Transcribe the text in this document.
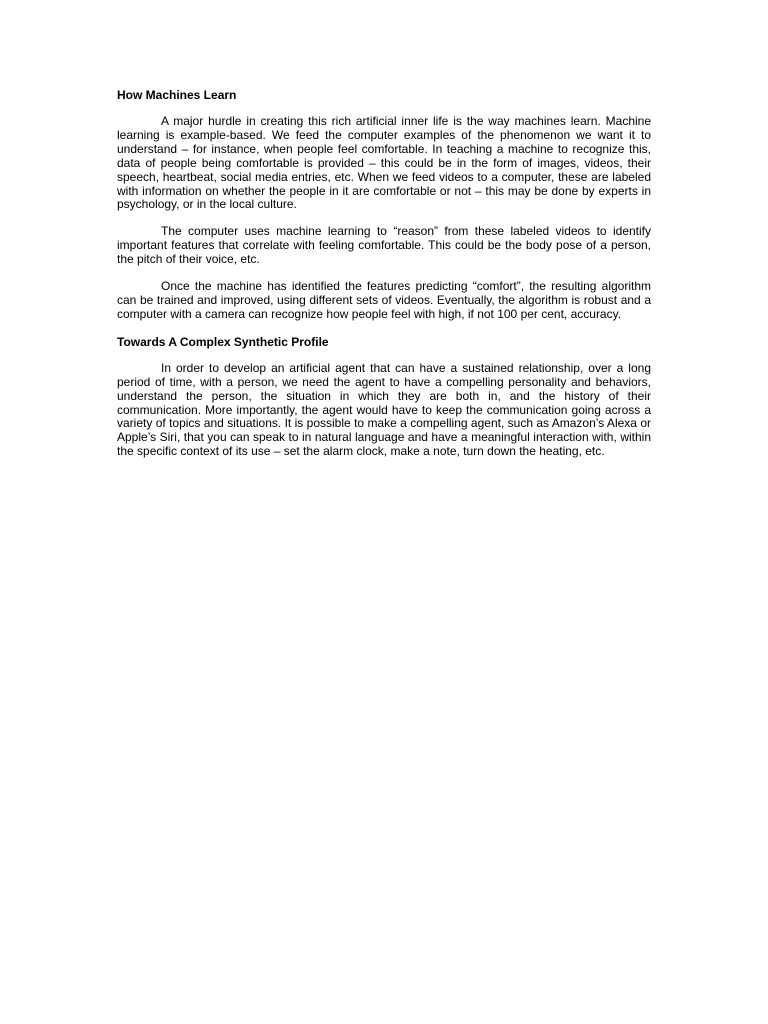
How Machines Learn

A major hurdle in creating this rich artificial inner life is the way machines learn. Machine learning is example-based. We feed the computer examples of the phenomenon we want it to understand – for instance, when people feel comfortable. In teaching a machine to recognize this, data of people being comfortable is provided – this could be in the form of images, videos, their speech, heartbeat, social media entries, etc. When we feed videos to a computer, these are labeled with information on whether the people in it are comfortable or not – this may be done by experts in psychology, or in the local culture.

The computer uses machine learning to “reason” from these labeled videos to identify important features that correlate with feeling comfortable. This could be the body pose of a person, the pitch of their voice, etc.

Once the machine has identified the features predicting “comfort”, the resulting algorithm can be trained and improved, using different sets of videos. Eventually, the algorithm is robust and a computer with a camera can recognize how people feel with high, if not 100 per cent, accuracy.

Towards A Complex Synthetic Profile

In order to develop an artificial agent that can have a sustained relationship, over a long period of time, with a person, we need the agent to have a compelling personality and behaviors, understand the person, the situation in which they are both in, and the history of their communication. More importantly, the agent would have to keep the communication going across a variety of topics and situations. It is possible to make a compelling agent, such as Amazon’s Alexa or Apple’s Siri, that you can speak to in natural language and have a meaningful interaction with, within the specific context of its use – set the alarm clock, make a note, turn down the heating, etc.
